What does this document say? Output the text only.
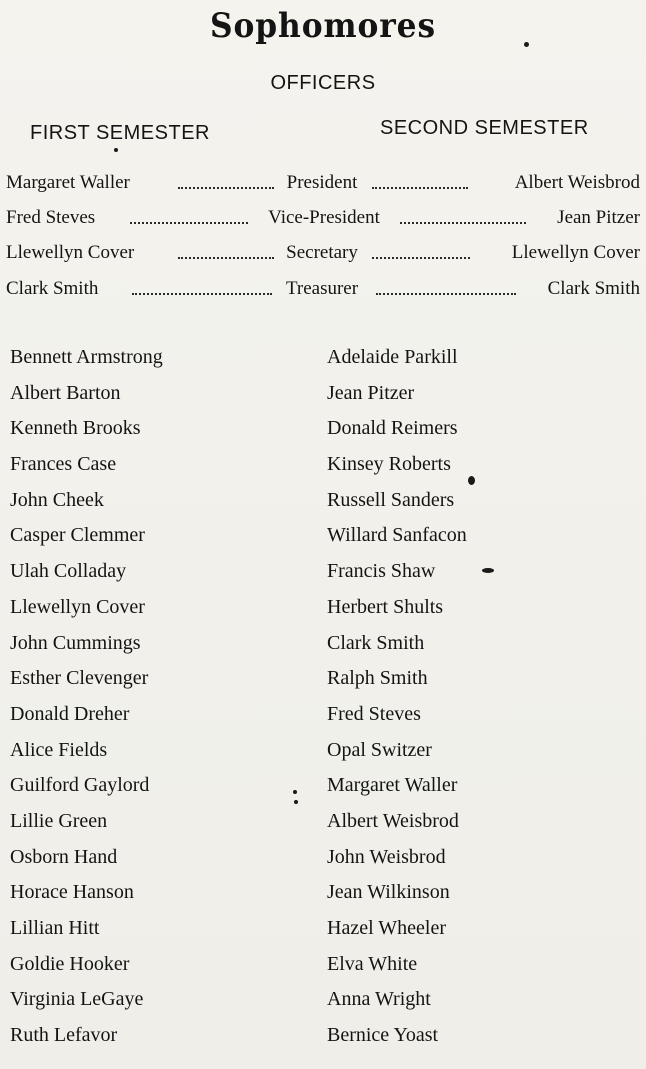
Sophomores
OFFICERS
FIRST SEMESTER	SECOND SEMESTER
Margaret Waller	President	Albert Weisbrod
Fred Steves	Vice-President	Jean Pitzer
Llewellyn Cover	Secretary	Llewellyn Cover
Clark Smith	Treasurer	Clark Smith
Bennett Armstrong
Albert Barton
Kenneth Brooks
Frances Case
John Cheek
Casper Clemmer
Ulah Colladay
Llewellyn Cover
John Cummings
Esther Clevenger
Donald Dreher
Alice Fields
Guilford Gaylord
Lillie Green
Osborn Hand
Horace Hanson
Lillian Hitt
Goldie Hooker
Virginia LeGaye
Ruth Lefavor
Adelaide Parkill
Jean Pitzer
Donald Reimers
Kinsey Roberts
Russell Sanders
Willard Sanfacon
Francis Shaw
Herbert Shults
Clark Smith
Ralph Smith
Fred Steves
Opal Switzer
Margaret Waller
Albert Weisbrod
John Weisbrod
Jean Wilkinson
Hazel Wheeler
Elva White
Anna Wright
Bernice Yoast
